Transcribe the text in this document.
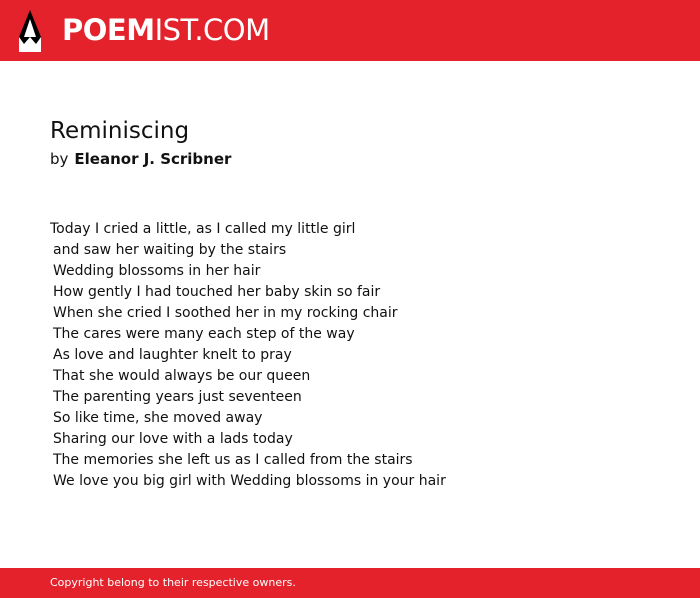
POEMIST.COM
Reminiscing
by Eleanor J. Scribner
Today I cried a little, as I called my little girl
and saw her waiting by the stairs
Wedding blossoms in her hair
How gently I had touched her baby skin so fair
When she cried I soothed her in my rocking chair
The cares were many each step of the way
As love and laughter knelt to pray
That she would always be our queen
The parenting years just seventeen
So like time, she moved away
Sharing our love with a lads today
The memories she left us as I called from the stairs
We love you big girl with Wedding blossoms in your hair
Copyright belong to their respective owners.
